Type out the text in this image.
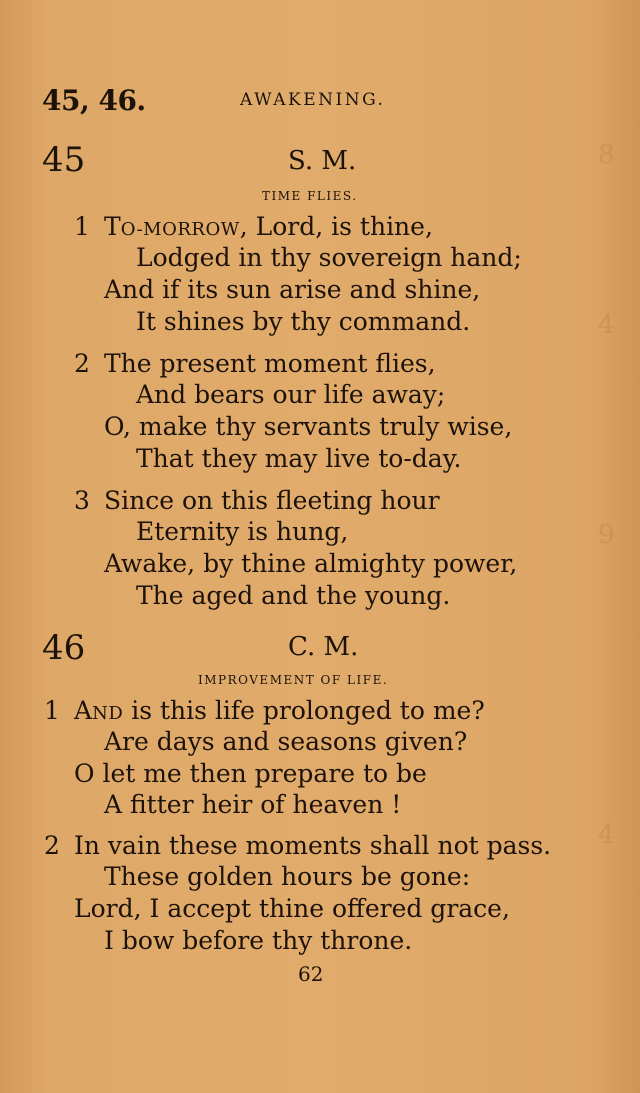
8
4
9
4
45, 46.	AWAKENING.
45	S. M.
TIME FLIES.
1 TO-MORROW, Lord, is thine,
Lodged in thy sovereign hand;
And if its sun arise and shine,
It shines by thy command.
2 The present moment flies,
And bears our life away;
O, make thy servants truly wise,
That they may live to-day.
3 Since on this fleeting hour
Eternity is hung,
Awake, by thine almighty power,
The aged and the young.
46	C. M.
IMPROVEMENT OF LIFE.
1 AND is this life prolonged to me?
Are days and seasons given?
O let me then prepare to be
A fitter heir of heaven !
2 In vain these moments shall not pass.
These golden hours be gone:
Lord, I accept thine offered grace,
I bow before thy throne.
62
